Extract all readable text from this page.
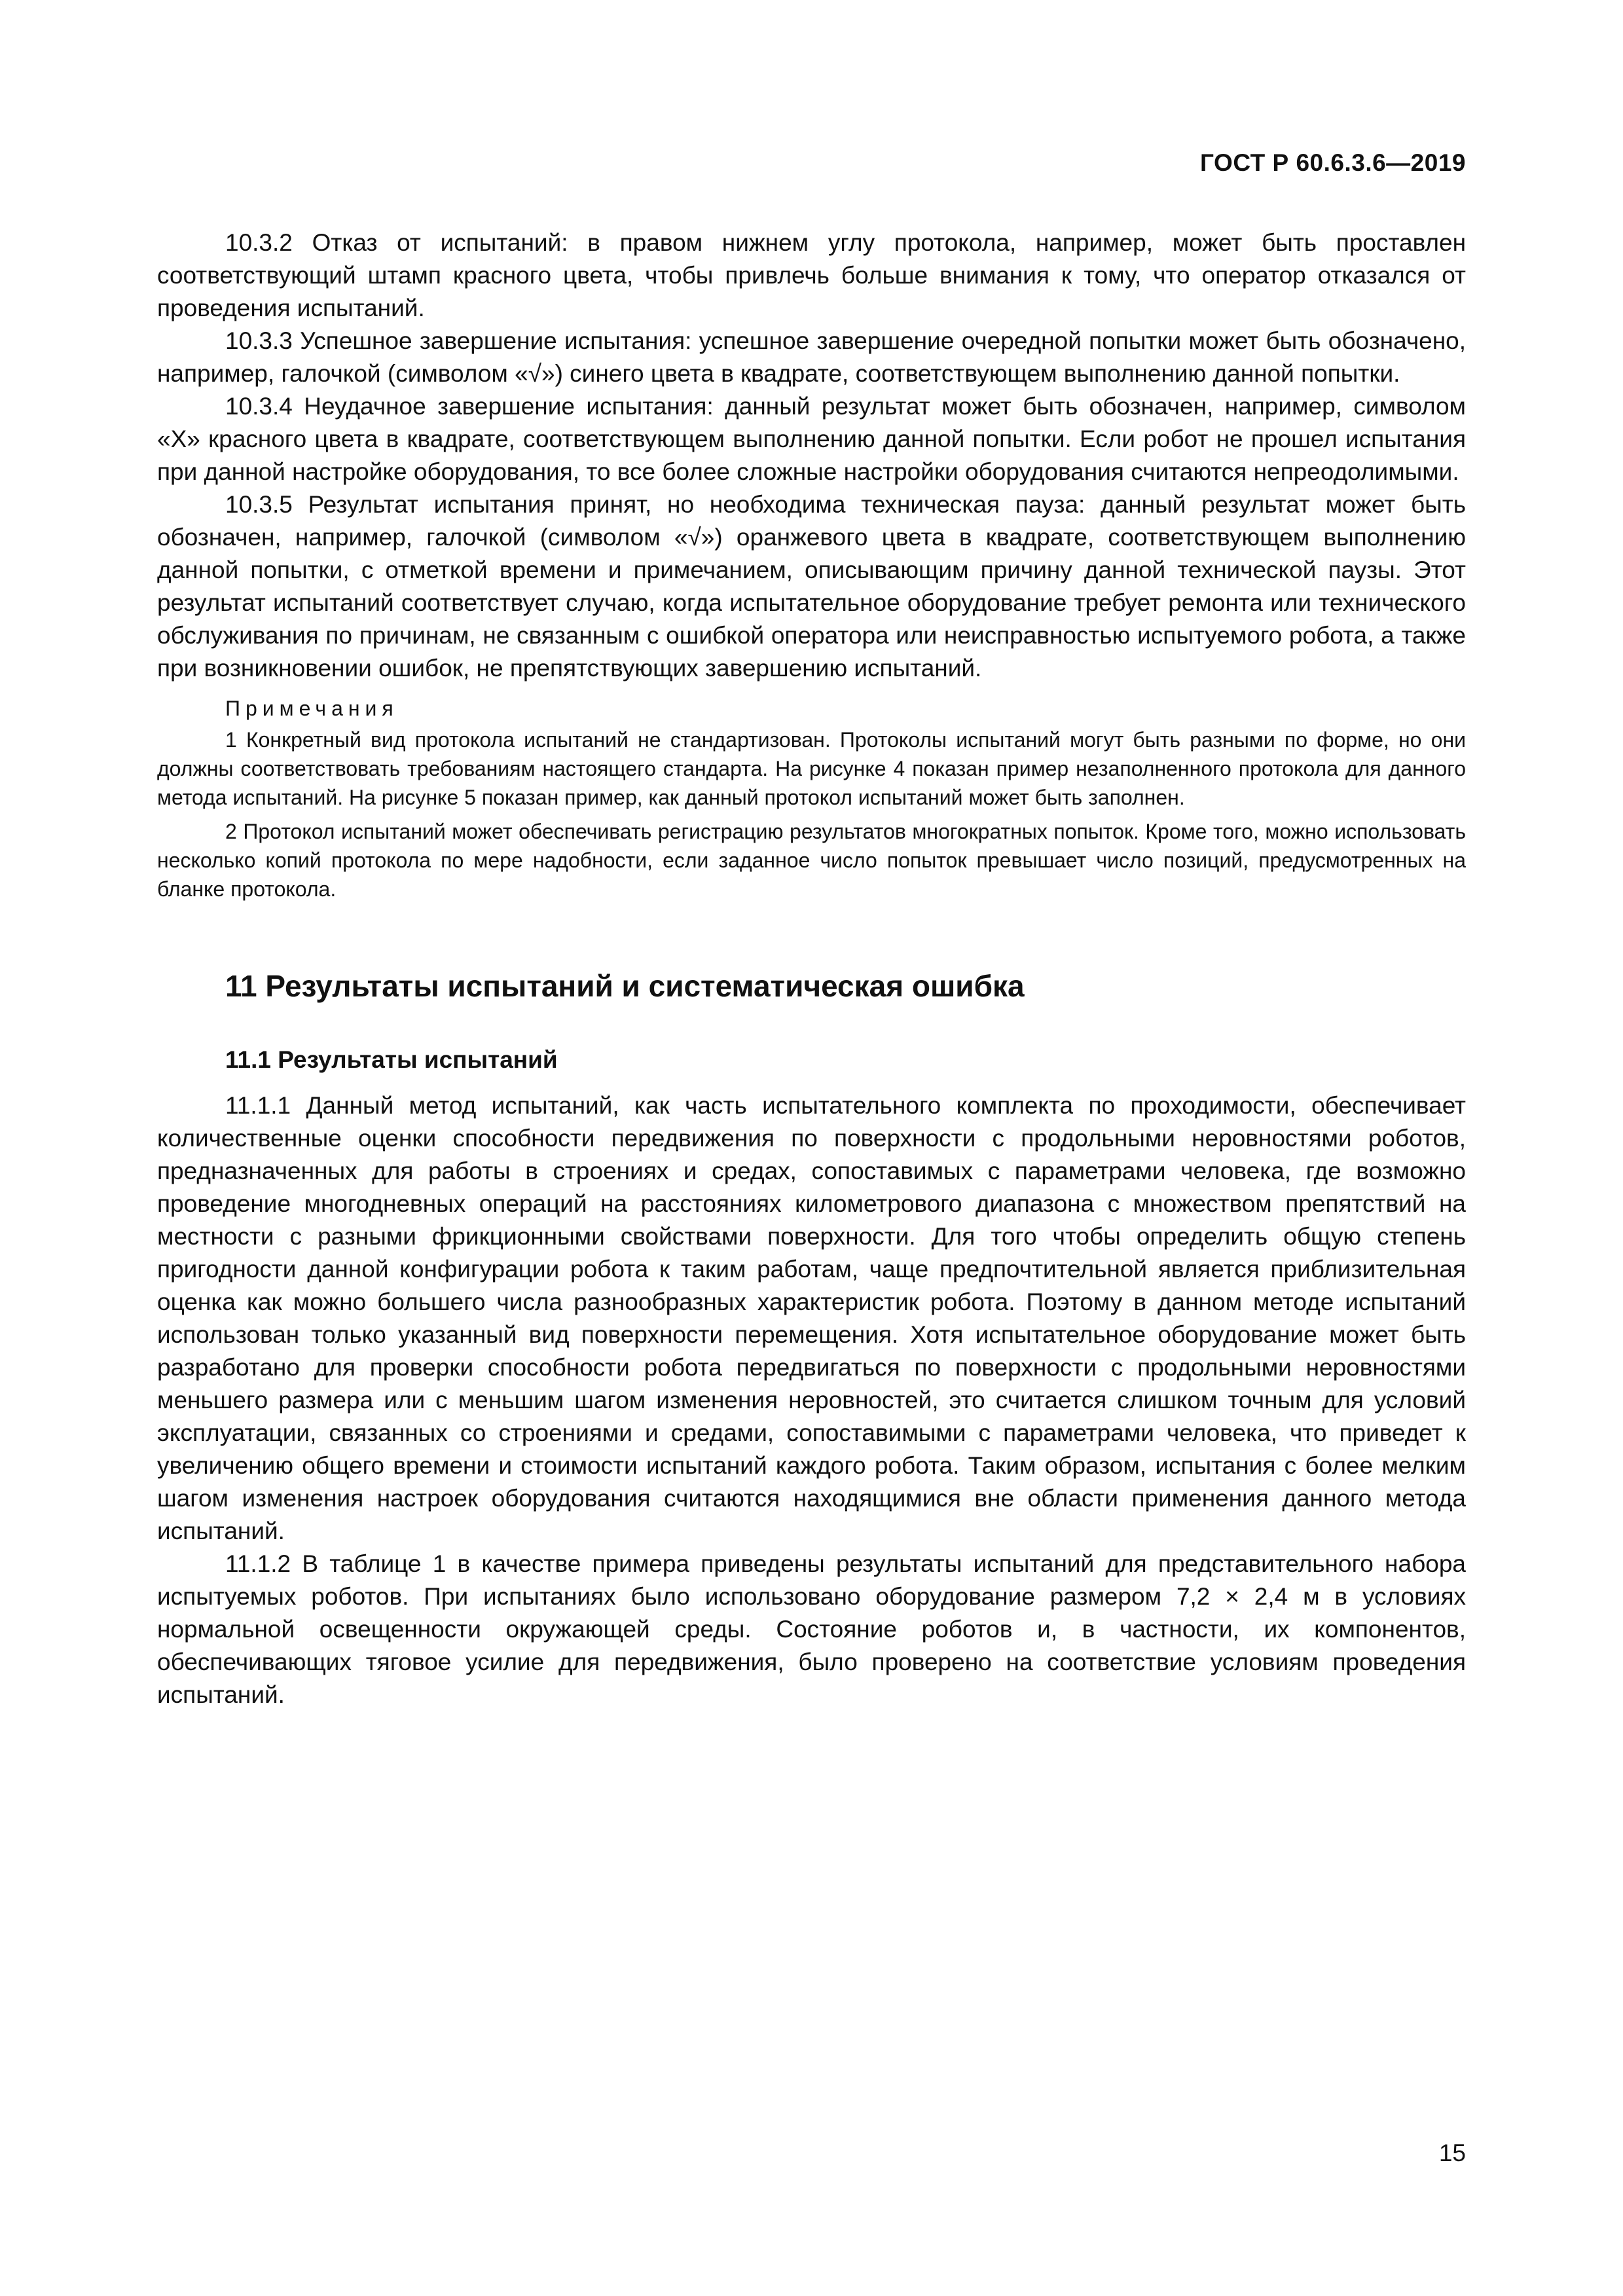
ГОСТ Р 60.6.3.6—2019

10.3.2 Отказ от испытаний: в правом нижнем углу протокола, например, может быть проставлен соответствующий штамп красного цвета, чтобы привлечь больше внимания к тому, что оператор отказался от проведения испытаний.

10.3.3 Успешное завершение испытания: успешное завершение очередной попытки может быть обозначено, например, галочкой (символом «√») синего цвета в квадрате, соответствующем выполнению данной попытки.

10.3.4 Неудачное завершение испытания: данный результат может быть обозначен, например, символом «X» красного цвета в квадрате, соответствующем выполнению данной попытки. Если робот не прошел испытания при данной настройке оборудования, то все более сложные настройки оборудования считаются непреодолимыми.

10.3.5 Результат испытания принят, но необходима техническая пауза: данный результат может быть обозначен, например, галочкой (символом «√») оранжевого цвета в квадрате, соответствующем выполнению данной попытки, с отметкой времени и примечанием, описывающим причину данной технической паузы. Этот результат испытаний соответствует случаю, когда испытательное оборудование требует ремонта или технического обслуживания по причинам, не связанным с ошибкой оператора или неисправностью испытуемого робота, а также при возникновении ошибок, не препятствующих завершению испытаний.

Примечания

1 Конкретный вид протокола испытаний не стандартизован. Протоколы испытаний могут быть разными по форме, но они должны соответствовать требованиям настоящего стандарта. На рисунке 4 показан пример незаполненного протокола для данного метода испытаний. На рисунке 5 показан пример, как данный протокол испытаний может быть заполнен.

2 Протокол испытаний может обеспечивать регистрацию результатов многократных попыток. Кроме того, можно использовать несколько копий протокола по мере надобности, если заданное число попыток превышает число позиций, предусмотренных на бланке протокола.

11 Результаты испытаний и систематическая ошибка
11.1 Результаты испытаний

11.1.1 Данный метод испытаний, как часть испытательного комплекта по проходимости, обеспечивает количественные оценки способности передвижения по поверхности с продольными неровностями роботов, предназначенных для работы в строениях и средах, сопоставимых с параметрами человека, где возможно проведение многодневных операций на расстояниях километрового диапазона с множеством препятствий на местности с разными фрикционными свойствами поверхности. Для того чтобы определить общую степень пригодности данной конфигурации робота к таким работам, чаще предпочтительной является приблизительная оценка как можно большего числа разнообразных характеристик робота. Поэтому в данном методе испытаний использован только указанный вид поверхности перемещения. Хотя испытательное оборудование может быть разработано для проверки способности робота передвигаться по поверхности с продольными неровностями меньшего размера или с меньшим шагом изменения неровностей, это считается слишком точным для условий эксплуатации, связанных со строениями и средами, сопоставимыми с параметрами человека, что приведет к увеличению общего времени и стоимости испытаний каждого робота. Таким образом, испытания с более мелким шагом изменения настроек оборудования считаются находящимися вне области применения данного метода испытаний.

11.1.2 В таблице 1 в качестве примера приведены результаты испытаний для представительного набора испытуемых роботов. При испытаниях было использовано оборудование размером 7,2 × 2,4 м в условиях нормальной освещенности окружающей среды. Состояние роботов и, в частности, их компонентов, обеспечивающих тяговое усилие для передвижения, было проверено на соответствие условиям проведения испытаний.

15
